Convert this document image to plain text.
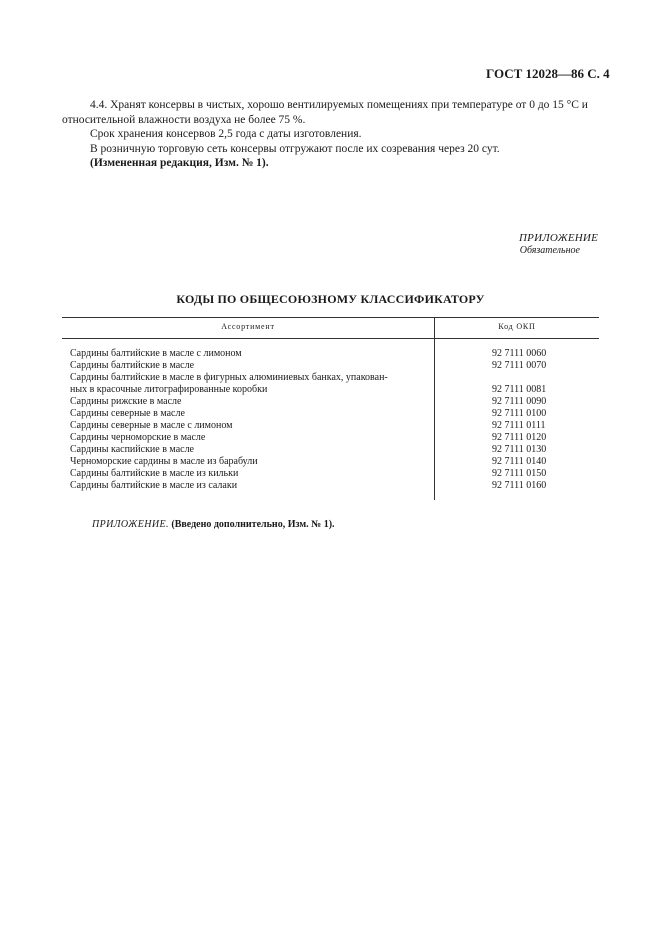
ГОСТ 12028—86 С. 4

4.4. Хранят консервы в чистых, хорошо вентилируемых помещениях при температуре от 0 до 15 °С и относительной влажности воздуха не более 75 %.

Срок хранения консервов 2,5 года с даты изготовления.

В розничную торговую сеть консервы отгружают после их созревания через 20 сут.

(Измененная редакция, Изм. № 1).

ПРИЛОЖЕНИЕ
Обязательное
КОДЫ ПО ОБЩЕСОЮЗНОМУ КЛАССИФИКАТОРУ
Ассортимент	Код ОКП
Сардины балтийские в масле с лимоном	92 7111 0060
Сардины балтийские в масле	92 7111 0070
Сардины балтийские в масле в фигурных алюминиевых банках, упакован-
ных в красочные литографированные коробки	92 7111 0081
Сардины рижские в масле	92 7111 0090
Сардины северные в масле	92 7111 0100
Сардины северные в масле с лимоном	92 7111 0111
Сардины черноморские в масле	92 7111 0120
Сардины каспийские в масле	92 7111 0130
Черноморские сардины в масле из барабули	92 7111 0140
Сардины балтийские в масле из кильки	92 7111 0150
Сардины балтийские в масле из салаки	92 7111 0160
ПРИЛОЖЕНИЕ. (Введено дополнительно, Изм. № 1).
